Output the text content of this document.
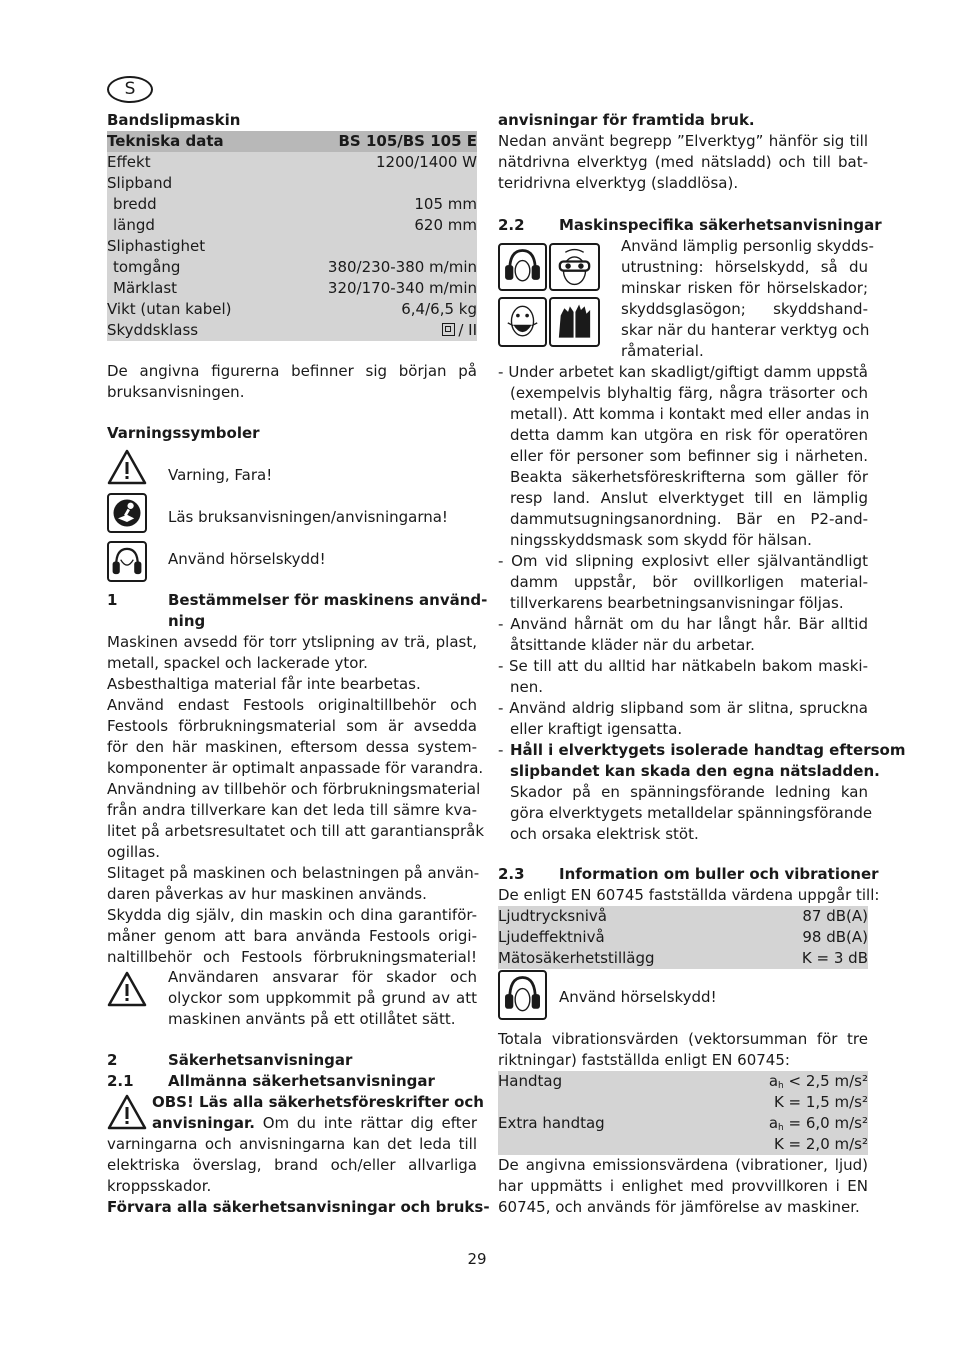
S
Bandslipmaskin
Tekniska data	BS 105/BS 105 E
Effekt	1200/1400 W
Slipband
bredd	105 mm
längd	620 mm
Sliphastighet
tomgång	380/230-380 m/min
Märklast	320/170-340 m/min
Vikt (utan kabel)	6,4/6,5 kg
Skyddsklass	/ II
De angivna figurerna befinner sig början på
bruksanvisningen.
Varningssymboler
Varning, Fara!
Läs bruksanvisningen/anvisningarna!
Använd hörselskydd!
1	Bestämmelser för maskinens använd-
ning
Maskinen avsedd för torr ytslipning av trä, plast,
metall, spackel och lackerade ytor.
Asbesthaltiga material får inte bearbetas.
Använd endast Festools originaltillbehör och
Festools förbrukningsmaterial som är avsedda
för den här maskinen, eftersom dessa system-
komponenter är optimalt anpassade för varandra.
Användning av tillbehör och förbrukningsmaterial
från andra tillverkare kan det leda till sämre kva-
litet på arbetsresultatet och till att garantianspråk
ogillas.
Slitaget på maskinen och belastningen på använ-
daren påverkas av hur maskinen används.
Skydda dig själv, din maskin och dina garantiför-
måner genom att bara använda Festools origi-
naltillbehör och Festools förbrukningsmaterial!
Användaren ansvarar för skador och
olyckor som uppkommit på grund av att
maskinen använts på ett otillåtet sätt.
2	Säkerhetsanvisningar
2.1 Allmänna säkerhetsanvisningar
OBS! Läs alla säkerhetsföreskrifter och
anvisningar. Om du inte rättar dig efter
varningarna och anvisningarna kan det leda till
elektriska överslag, brand och/eller allvarliga
kroppsskador.
Förvara alla säkerhetsanvisningar och bruks-
anvisningar för framtida bruk.
Nedan använt begrepp ”Elverktyg” hänför sig till
nätdrivna elverktyg (med nätsladd) och till bat-
teridrivna elverktyg (sladdlösa).
2.2 Maskinspecifika säkerhetsanvisningar
Använd lämplig personlig skydds-
utrustning: hörselskydd, så du
minskar risken för hörselskador;
skyddsglasögon; skyddshand-
skar när du hanterar verktyg och
råmaterial.
- Under arbetet kan skadligt/giftigt damm uppstå
(exempelvis blyhaltig färg, några träsorter och
metall). Att komma i kontakt med eller andas in
detta damm kan utgöra en risk för operatören
eller för personer som befinner sig i närheten.
Beakta säkerhetsföreskrifterna som gäller för
resp land. Anslut elverktyget till en lämplig
dammutsugningsanordning. Bär en P2-and-
ningsskyddsmask som skydd för hälsan.
- Om vid slipning explosivt eller självantändligt
damm uppstår, bör ovillkorligen material-
tillverkarens bearbetningsanvisningar följas.
- Använd hårnät om du har långt hår. Bär alltid
åtsittande kläder när du arbetar.
- Se till att du alltid har nätkabeln bakom maski-
nen.
- Använd aldrig slipband som är slitna, spruckna
eller kraftigt igensatta.
- Håll i elverktygets isolerade handtag eftersom
slipbandet kan skada den egna nätsladden.
Skador på en spänningsförande ledning kan
göra elverktygets metalldelar spänningsförande
och orsaka elektrisk stöt.
2.3 Information om buller och vibrationer
De enligt EN 60745 fastställda värdena uppgår till:
Ljudtrycksnivå	87 dB(A)
Ljudeffektnivå	98 dB(A)
Mätosäkerhetstillägg	K = 3 dB
Använd hörselskydd!
Totala vibrationsvärden (vektorsumman för tre
riktningar) fastställda enligt EN 60745:
Handtag	$a_h < 2,5$ m/s²
K = 1,5 m/s²
Extra handtag	$a_h = 6,0$ m/s²
K = 2,0 m/s²
De angivna emissionsvärdena (vibrationer, ljud)
har uppmätts i enlighet med provvillkoren i EN
60745, och används för jämförelse av maskiner.
29
